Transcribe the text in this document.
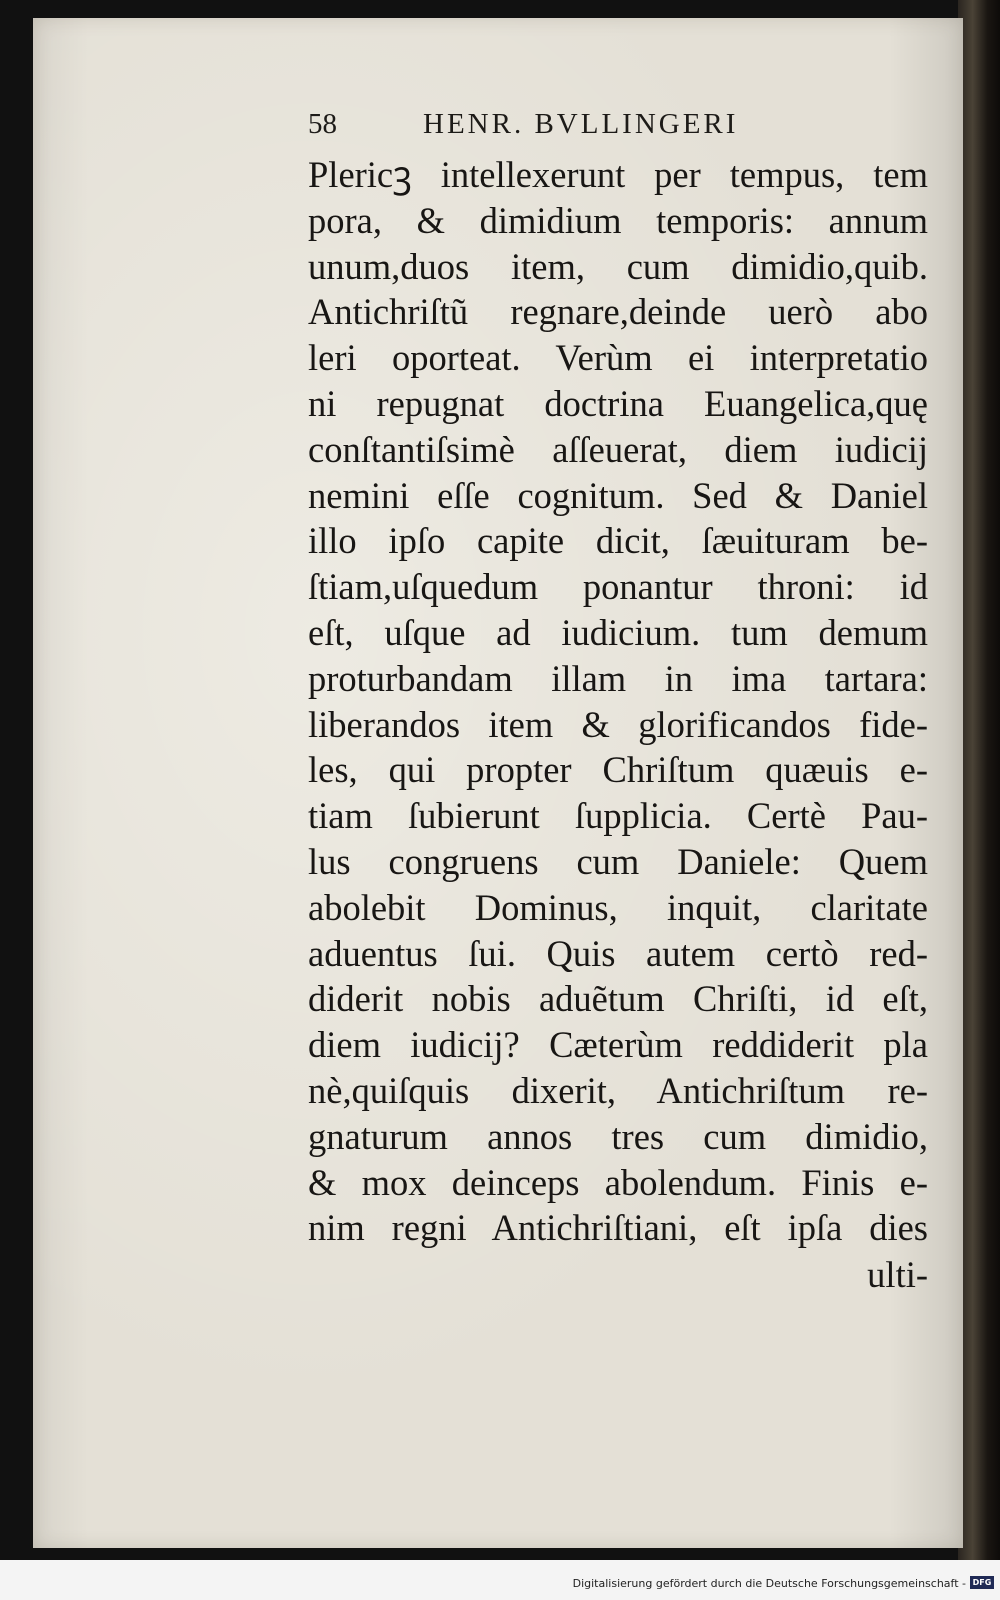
58	HENR. BVLLINGERI
Plericꝫ intellexerunt per tempus, tem
pora, & dimidium temporis: annum
unum,duos item, cum dimidio,quib.
Antichriſtũ regnare,deinde uerò abo
leri oporteat. Verùm ei interpretatio
ni repugnat doctrina Euangelica,quę
conſtantiſsimè aſſeuerat, diem iudicij
nemini eſſe cognitum. Sed & Daniel
illo ipſo capite dicit, ſæuituram be-
ſtiam,uſquedum ponantur throni: id
eſt, uſque ad iudicium. tum demum
proturbandam illam in ima tartara:
liberandos item & glorificandos fide-
les, qui propter Chriſtum quæuis e-
tiam ſubierunt ſupplicia. Certè Pau-
lus congruens cum Daniele: Quem
abolebit Dominus, inquit, claritate
aduentus ſui. Quis autem certò red-
diderit nobis aduẽtum Chriſti, id eſt,
diem iudicij? Cæterùm reddiderit pla
nè,quiſquis dixerit, Antichriſtum re-
gnaturum annos tres cum dimidio,
& mox deinceps abolendum. Finis e-
nim regni Antichriſtiani, eſt ipſa dies
ulti-
Digitalisierung gefördert durch die Deutsche Forschungsgemeinschaft - DFG
